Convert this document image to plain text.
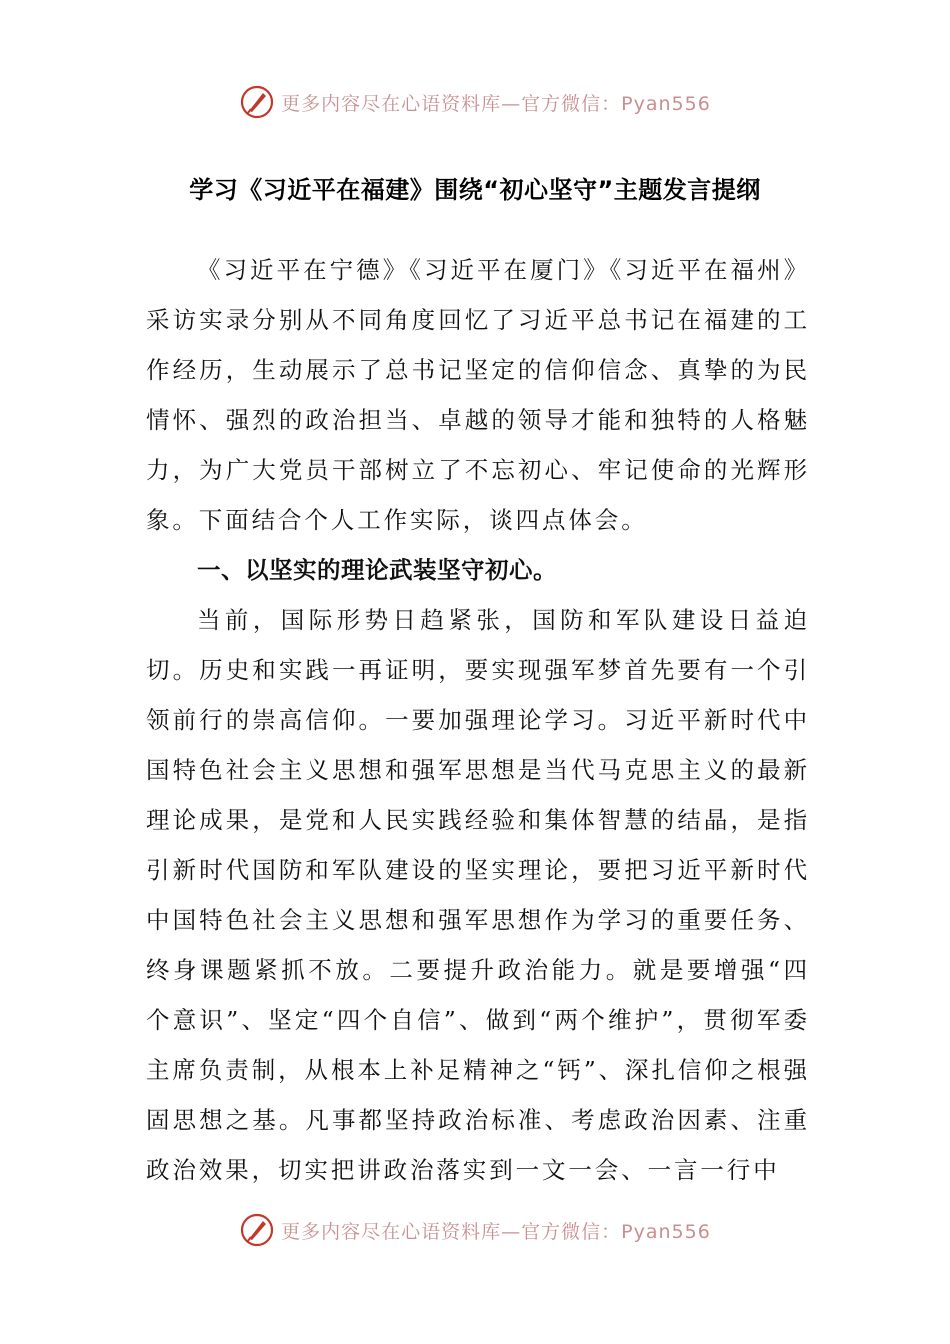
更多内容尽在心语资料库—官方微信：Pyan556
学习《习近平在福建》围绕“初心坚守”主题发言提纲

《习近平在宁德》《习近平在厦门》《习近平在福州》采访实录分别从不同角度回忆了习近平总书记在福建的工作经历，生动展示了总书记坚定的信仰信念、真挚的为民情怀、强烈的政治担当、卓越的领导才能和独特的人格魅力，为广大党员干部树立了不忘初心、牢记使命的光辉形象。下面结合个人工作实际，谈四点体会。

一、以坚实的理论武装坚守初心。

当前，国际形势日趋紧张，国防和军队建设日益迫切。历史和实践一再证明，要实现强军梦首先要有一个引领前行的崇高信仰。一要加强理论学习。习近平新时代中国特色社会主义思想和强军思想是当代马克思主义的最新理论成果，是党和人民实践经验和集体智慧的结晶，是指引新时代国防和军队建设的坚实理论，要把习近平新时代中国特色社会主义思想和强军思想作为学习的重要任务、终身课题紧抓不放。二要提升政治能力。就是要增强“四个意识”、坚定“四个自信”、做到“两个维护”，贯彻军委主席负责制，从根本上补足精神之“钙”、深扎信仰之根强固思想之基。凡事都坚持政治标准、考虑政治因素、注重政治效果，切实把讲政治落实到一文一会、一言一行中

更多内容尽在心语资料库—官方微信：Pyan556
